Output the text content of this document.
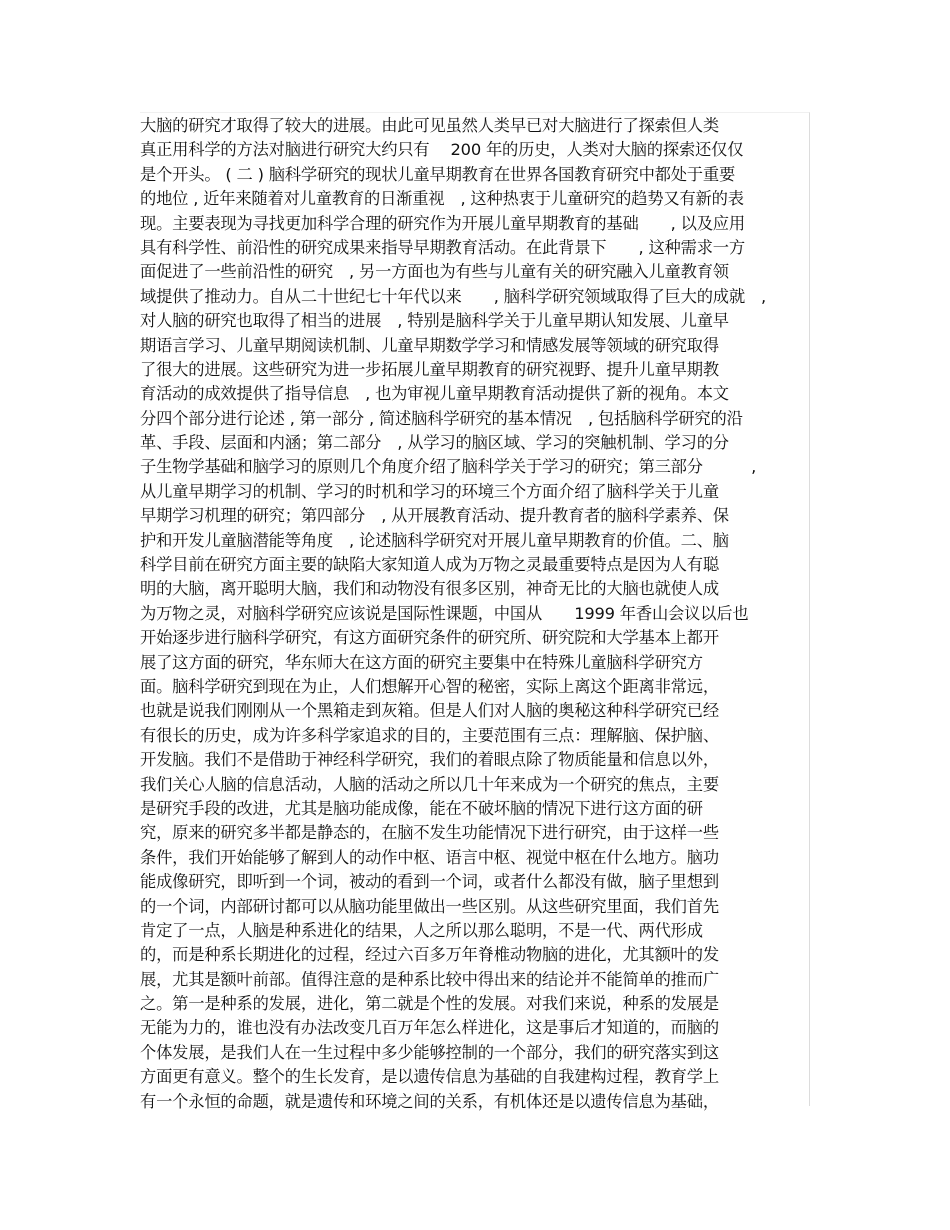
大脑的研究才取得了较大的进展。由此可见虽然人类早已对大脑进行了探索但人类
真正用科学的方法对脑进行研究大约只有　 200 年的历史，人类对大脑的探索还仅仅
是个开头。 ( 二 ) 脑科学研究的现状儿童早期教育在世界各国教育研究中都处于重要
的地位 , 近年来随着对儿童教育的日渐重视　, 这种热衷于儿童研究的趋势又有新的表
现。主要表现为寻找更加科学合理的研究作为开展儿童早期教育的基础　　, 以及应用
具有科学性、前沿性的研究成果来指导早期教育活动。在此背景下　　, 这种需求一方
面促进了一些前沿性的研究　, 另一方面也为有些与儿童有关的研究融入儿童教育领
域提供了推动力。自从二十世纪七十年代以来　　, 脑科学研究领域取得了巨大的成就　,
对人脑的研究也取得了相当的进展　, 特别是脑科学关于儿童早期认知发展、儿童早
期语言学习、儿童早期阅读机制、儿童早期数学学习和情感发展等领域的研究取得
了很大的进展。这些研究为进一步拓展儿童早期教育的研究视野、提升儿童早期教
育活动的成效提供了指导信息　, 也为审视儿童早期教育活动提供了新的视角。本文
分四个部分进行论述 , 第一部分 , 简述脑科学研究的基本情况　, 包括脑科学研究的沿
革、手段、层面和内涵；第二部分　, 从学习的脑区域、学习的突触机制、学习的分
子生物学基础和脑学习的原则几个角度介绍了脑科学关于学习的研究；第三部分　　　,
从儿童早期学习的机制、学习的时机和学习的环境三个方面介绍了脑科学关于儿童
早期学习机理的研究；第四部分　, 从开展教育活动、提升教育者的脑科学素养、保
护和开发儿童脑潜能等角度　, 论述脑科学研究对开展儿童早期教育的价值。二、脑
科学目前在研究方面主要的缺陷大家知道人成为万物之灵最重要特点是因为人有聪
明的大脑，离开聪明大脑，我们和动物没有很多区别，神奇无比的大脑也就使人成
为万物之灵，对脑科学研究应该说是国际性课题，中国从　　1999 年香山会议以后也
开始逐步进行脑科学研究，有这方面研究条件的研究所、研究院和大学基本上都开
展了这方面的研究，华东师大在这方面的研究主要集中在特殊儿童脑科学研究方
面。脑科学研究到现在为止，人们想解开心智的秘密，实际上离这个距离非常远，
也就是说我们刚刚从一个黑箱走到灰箱。但是人们对人脑的奥秘这种科学研究已经
有很长的历史，成为许多科学家追求的目的，主要范围有三点：理解脑、保护脑、
开发脑。我们不是借助于神经科学研究，我们的着眼点除了物质能量和信息以外，
我们关心人脑的信息活动，人脑的活动之所以几十年来成为一个研究的焦点，主要
是研究手段的改进，尤其是脑功能成像，能在不破坏脑的情况下进行这方面的研
究，原来的研究多半都是静态的，在脑不发生功能情况下进行研究，由于这样一些
条件，我们开始能够了解到人的动作中枢、语言中枢、视觉中枢在什么地方。脑功
能成像研究，即听到一个词，被动的看到一个词，或者什么都没有做，脑子里想到
的一个词，内部研讨都可以从脑功能里做出一些区别。从这些研究里面，我们首先
肯定了一点，人脑是种系进化的结果，人之所以那么聪明，不是一代、两代形成
的，而是种系长期进化的过程，经过六百多万年脊椎动物脑的进化，尤其额叶的发
展，尤其是额叶前部。值得注意的是种系比较中得出来的结论并不能简单的推而广
之。第一是种系的发展，进化，第二就是个性的发展。对我们来说，种系的发展是
无能为力的，谁也没有办法改变几百万年怎么样进化，这是事后才知道的，而脑的
个体发展，是我们人在一生过程中多少能够控制的一个部分，我们的研究落实到这
方面更有意义。整个的生长发育，是以遗传信息为基础的自我建构过程，教育学上
有一个永恒的命题，就是遗传和环境之间的关系，有机体还是以遗传信息为基础，
